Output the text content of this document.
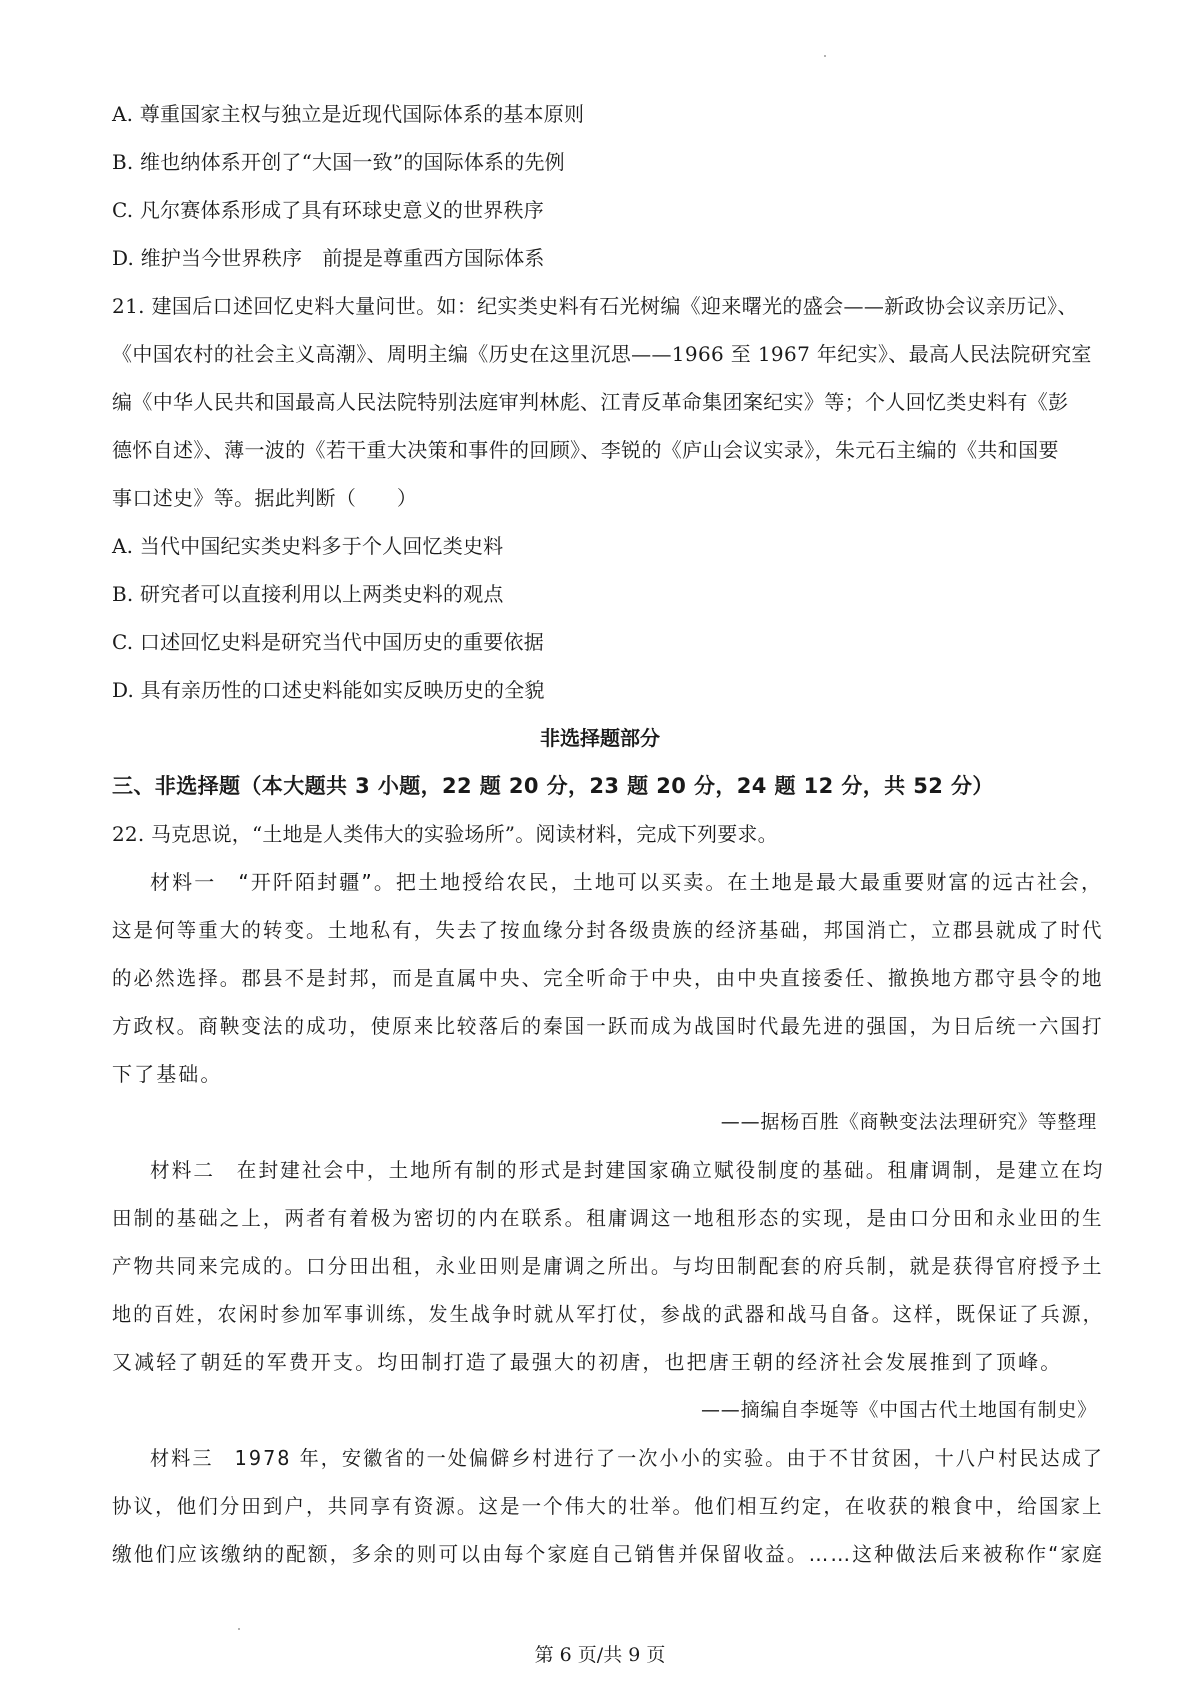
A. 尊重国家主权与独立是近现代国际体系的基本原则
B. 维也纳体系开创了“大国一致”的国际体系的先例
C. 凡尔赛体系形成了具有环球史意义的世界秩序
D. 维护当今世界秩序　前提是尊重西方国际体系
21. 建国后口述回忆史料大量问世。如：纪实类史料有石光树编《迎来曙光的盛会——新政协会议亲历记》、
《中国农村的社会主义高潮》、周明主编《历史在这里沉思——1966 至 1967 年纪实》、最高人民法院研究室
编《中华人民共和国最高人民法院特别法庭审判林彪、江青反革命集团案纪实》等；个人回忆类史料有《彭
德怀自述》、薄一波的《若干重大决策和事件的回顾》、李锐的《庐山会议实录》，朱元石主编的《共和国要
事口述史》等。据此判断（　　）
A. 当代中国纪实类史料多于个人回忆类史料
B. 研究者可以直接利用以上两类史料的观点
C. 口述回忆史料是研究当代中国历史的重要依据
D. 具有亲历性的口述史料能如实反映历史的全貌
非选择题部分
三、非选择题（本大题共 3 小题，22 题 20 分，23 题 20 分，24 题 12 分，共 52 分）
22. 马克思说，“土地是人类伟大的实验场所”。阅读材料，完成下列要求。
材料一　“开阡陌封疆”。把土地授给农民，土地可以买卖。在土地是最大最重要财富的远古社会，
这是何等重大的转变。土地私有，失去了按血缘分封各级贵族的经济基础，邦国消亡，立郡县就成了时代
的必然选择。郡县不是封邦，而是直属中央、完全听命于中央，由中央直接委任、撤换地方郡守县令的地
方政权。商鞅变法的成功，使原来比较落后的秦国一跃而成为战国时代最先进的强国，为日后统一六国打
下了基础。
——据杨百胜《商鞅变法法理研究》等整理
材料二　在封建社会中，土地所有制的形式是封建国家确立赋役制度的基础。租庸调制，是建立在均
田制的基础之上，两者有着极为密切的内在联系。租庸调这一地租形态的实现，是由口分田和永业田的生
产物共同来完成的。口分田出租，永业田则是庸调之所出。与均田制配套的府兵制，就是获得官府授予土
地的百姓，农闲时参加军事训练，发生战争时就从军打仗，参战的武器和战马自备。这样，既保证了兵源，
又减轻了朝廷的军费开支。均田制打造了最强大的初唐，也把唐王朝的经济社会发展推到了顶峰。
——摘编自李埏等《中国古代土地国有制史》
材料三　1978 年，安徽省的一处偏僻乡村进行了一次小小的实验。由于不甘贫困，十八户村民达成了
协议，他们分田到户，共同享有资源。这是一个伟大的壮举。他们相互约定，在收获的粮食中，给国家上
缴他们应该缴纳的配额，多余的则可以由每个家庭自己销售并保留收益。……这种做法后来被称作“家庭
第 6 页/共 9 页
